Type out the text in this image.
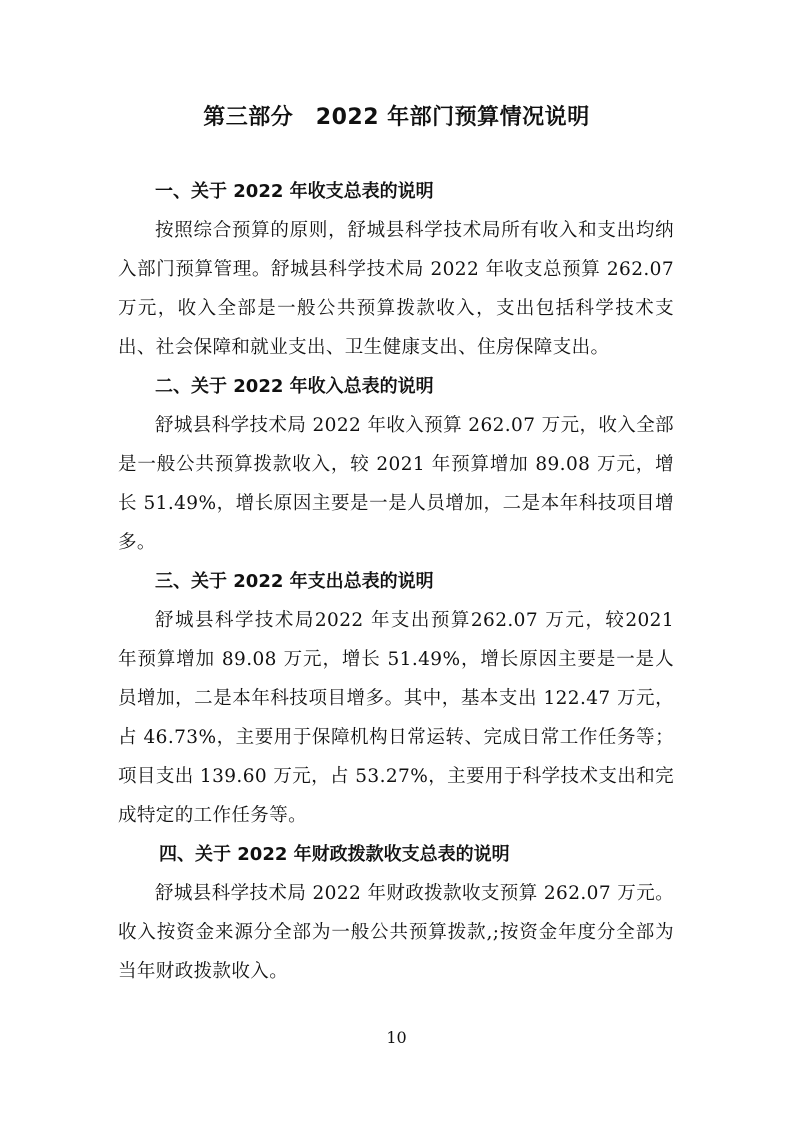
第三部分　2022 年部门预算情况说明

一、关于 2022 年收支总表的说明

按照综合预算的原则，舒城县科学技术局所有收入和支出均纳入部门预算管理。舒城县科学技术局 2022 年收支总预算 262.07 万元，收入全部是一般公共预算拨款收入，支出包括科学技术支出、社会保障和就业支出、卫生健康支出、住房保障支出。

二、关于 2022 年收入总表的说明

舒城县科学技术局 2022 年收入预算 262.07 万元，收入全部是一般公共预算拨款收入，较 2021 年预算增加 89.08 万元，增长 51.49%，增长原因主要是一是人员增加，二是本年科技项目增多。

三、关于 2022 年支出总表的说明

舒城县科学技术局2022 年支出预算262.07 万元，较2021 年预算增加 89.08 万元，增长 51.49%，增长原因主要是一是人员增加，二是本年科技项目增多。其中，基本支出 122.47 万元，占 46.73%，主要用于保障机构日常运转、完成日常工作任务等；项目支出 139.60 万元，占 53.27%，主要用于科学技术支出和完成特定的工作任务等。

四、关于 2022 年财政拨款收支总表的说明

舒城县科学技术局 2022 年财政拨款收支预算 262.07 万元。收入按资金来源分全部为一般公共预算拨款,;按资金年度分全部为当年财政拨款收入。

10
